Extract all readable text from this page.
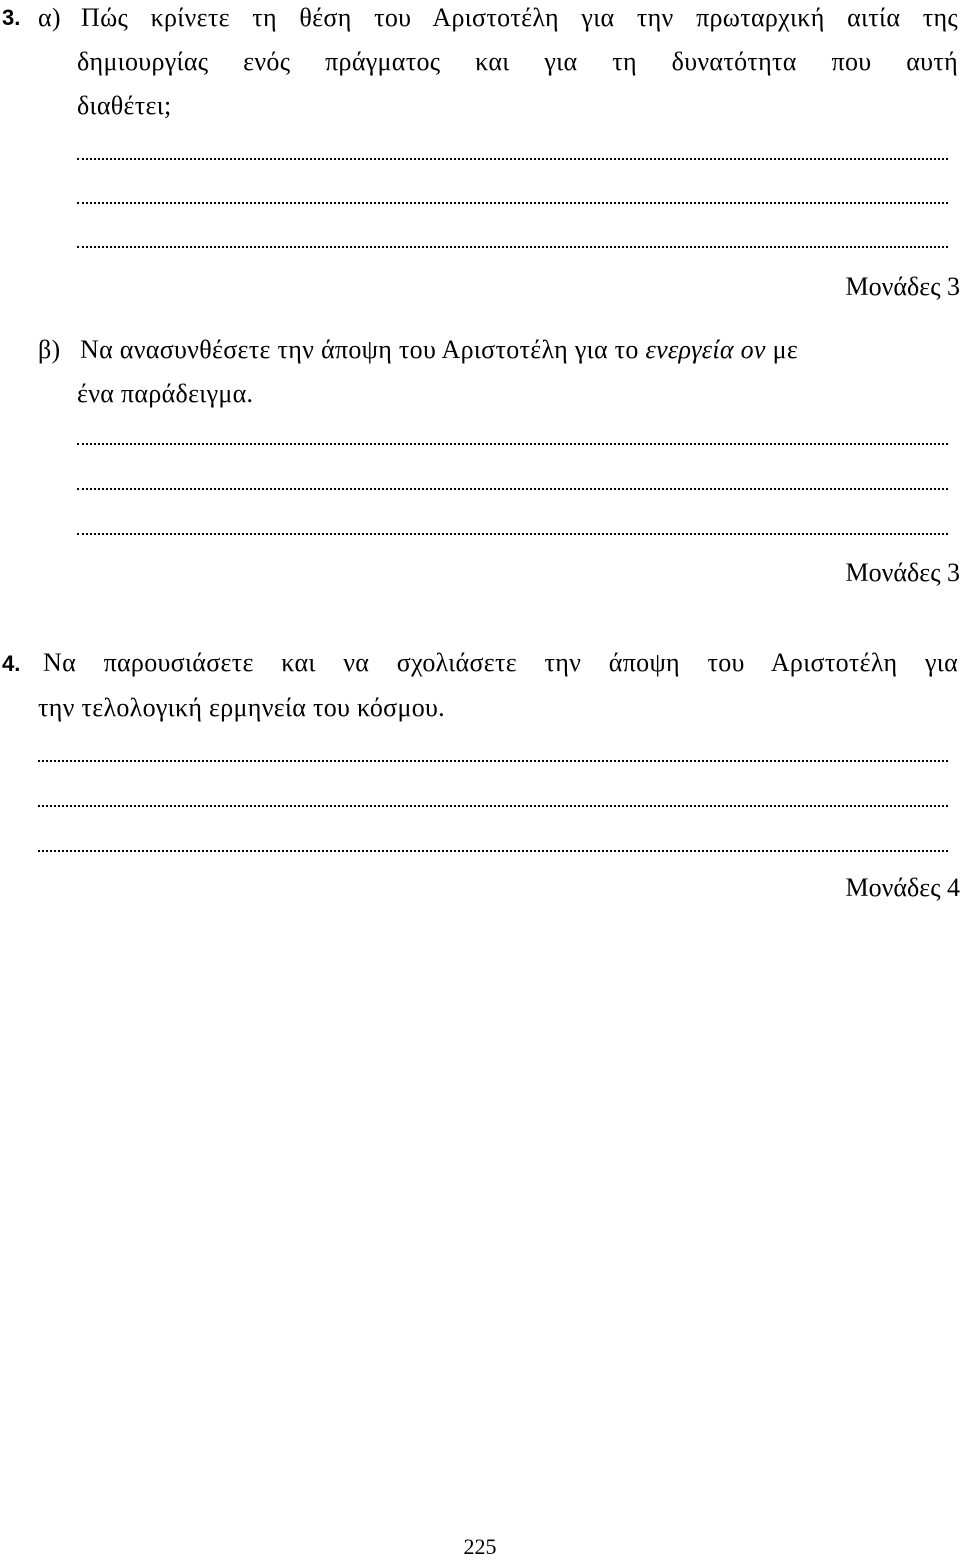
3. α) Πώς κρίνετε τη θέση του Αριστοτέλη για την πρωταρχική αιτία της
δημιουργίας ενός πράγματος και για τη δυνατότητα που αυτή
διαθέτει;
Μονάδες 3
β) Να ανασυνθέσετε την άποψη του Αριστοτέλη για το ενεργεία ον με
ένα παράδειγμα.
Μονάδες 3
4. Να παρουσιάσετε και να σχολιάσετε την άποψη του Αριστοτέλη για
την τελολογική ερμηνεία του κόσμου.
Μονάδες 4
225
